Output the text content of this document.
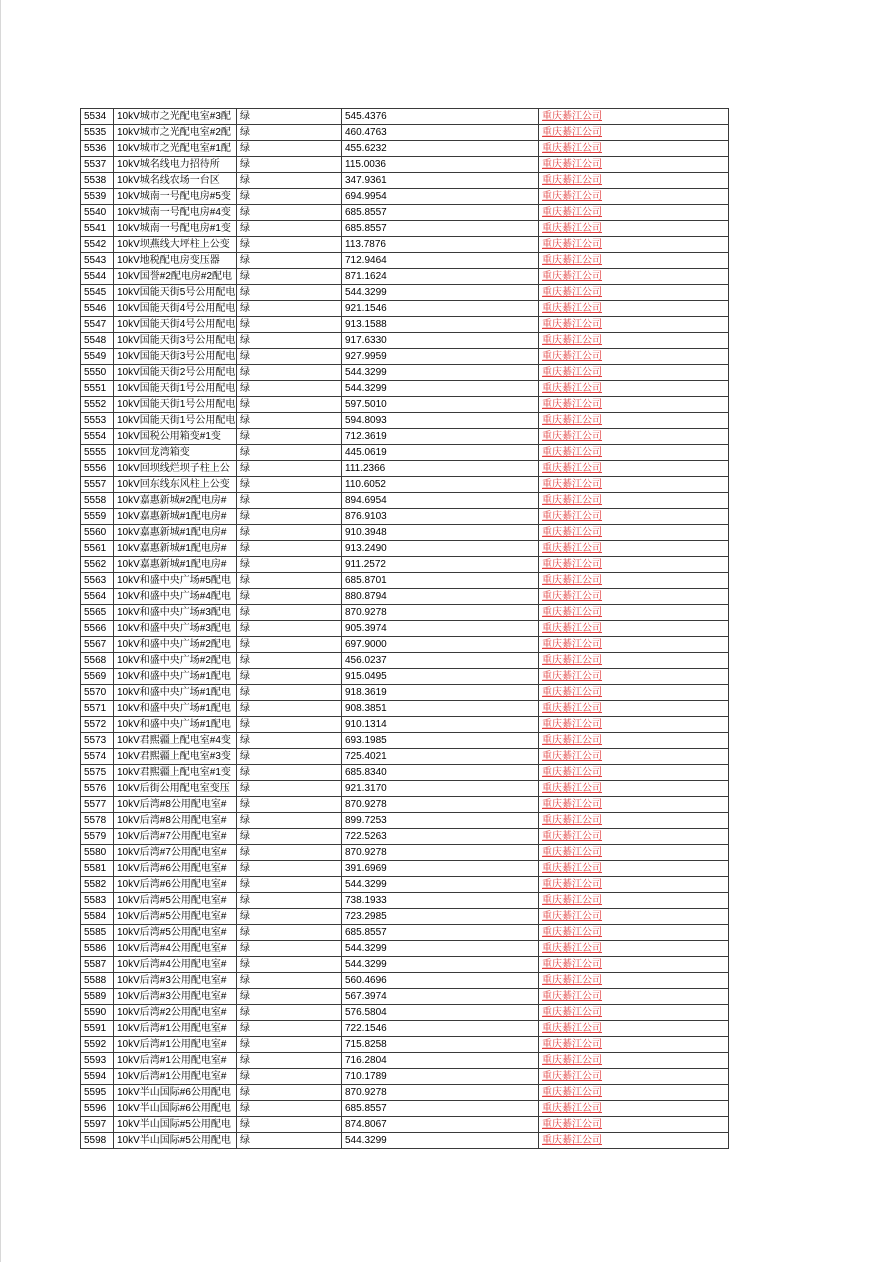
5534	10kV城市之光配电室#3配	绿	545.4376	重庆綦江公司
5535	10kV城市之光配电室#2配	绿	460.4763	重庆綦江公司
5536	10kV城市之光配电室#1配	绿	455.6232	重庆綦江公司
5537	10kV城名线电力招待所	绿	115.0036	重庆綦江公司
5538	10kV城名线农场一台区	绿	347.9361	重庆綦江公司
5539	10kV城南一号配电房#5变	绿	694.9954	重庆綦江公司
5540	10kV城南一号配电房#4变	绿	685.8557	重庆綦江公司
5541	10kV城南一号配电房#1变	绿	685.8557	重庆綦江公司
5542	10kV坝燕线大坪柱上公变	绿	113.7876	重庆綦江公司
5543	10kV地税配电房变压器	绿	712.9464	重庆綦江公司
5544	10kV国誉#2配电房#2配电	绿	871.1624	重庆綦江公司
5545	10kV国能天街5号公用配电	绿	544.3299	重庆綦江公司
5546	10kV国能天街4号公用配电	绿	921.1546	重庆綦江公司
5547	10kV国能天街4号公用配电	绿	913.1588	重庆綦江公司
5548	10kV国能天街3号公用配电	绿	917.6330	重庆綦江公司
5549	10kV国能天街3号公用配电	绿	927.9959	重庆綦江公司
5550	10kV国能天街2号公用配电	绿	544.3299	重庆綦江公司
5551	10kV国能天街1号公用配电	绿	544.3299	重庆綦江公司
5552	10kV国能天街1号公用配电	绿	597.5010	重庆綦江公司
5553	10kV国能天街1号公用配电	绿	594.8093	重庆綦江公司
5554	10kV国税公用箱变#1变	绿	712.3619	重庆綦江公司
5555	10kV回龙湾箱变	绿	445.0619	重庆綦江公司
5556	10kV回坝线烂坝子柱上公	绿	111.2366	重庆綦江公司
5557	10kV回东线东风柱上公变	绿	110.6052	重庆綦江公司
5558	10kV嘉惠新城#2配电房#	绿	894.6954	重庆綦江公司
5559	10kV嘉惠新城#1配电房#	绿	876.9103	重庆綦江公司
5560	10kV嘉惠新城#1配电房#	绿	910.3948	重庆綦江公司
5561	10kV嘉惠新城#1配电房#	绿	913.2490	重庆綦江公司
5562	10kV嘉惠新城#1配电房#	绿	911.2572	重庆綦江公司
5563	10kV和盛中央广场#5配电	绿	685.8701	重庆綦江公司
5564	10kV和盛中央广场#4配电	绿	880.8794	重庆綦江公司
5565	10kV和盛中央广场#3配电	绿	870.9278	重庆綦江公司
5566	10kV和盛中央广场#3配电	绿	905.3974	重庆綦江公司
5567	10kV和盛中央广场#2配电	绿	697.9000	重庆綦江公司
5568	10kV和盛中央广场#2配电	绿	456.0237	重庆綦江公司
5569	10kV和盛中央广场#1配电	绿	915.0495	重庆綦江公司
5570	10kV和盛中央广场#1配电	绿	918.3619	重庆綦江公司
5571	10kV和盛中央广场#1配电	绿	908.3851	重庆綦江公司
5572	10kV和盛中央广场#1配电	绿	910.1314	重庆綦江公司
5573	10kV君熙疆上配电室#4变	绿	693.1985	重庆綦江公司
5574	10kV君熙疆上配电室#3变	绿	725.4021	重庆綦江公司
5575	10kV君熙疆上配电室#1变	绿	685.8340	重庆綦江公司
5576	10kV后街公用配电室变压	绿	921.3170	重庆綦江公司
5577	10kV后湾#8公用配电室#	绿	870.9278	重庆綦江公司
5578	10kV后湾#8公用配电室#	绿	899.7253	重庆綦江公司
5579	10kV后湾#7公用配电室#	绿	722.5263	重庆綦江公司
5580	10kV后湾#7公用配电室#	绿	870.9278	重庆綦江公司
5581	10kV后湾#6公用配电室#	绿	391.6969	重庆綦江公司
5582	10kV后湾#6公用配电室#	绿	544.3299	重庆綦江公司
5583	10kV后湾#5公用配电室#	绿	738.1933	重庆綦江公司
5584	10kV后湾#5公用配电室#	绿	723.2985	重庆綦江公司
5585	10kV后湾#5公用配电室#	绿	685.8557	重庆綦江公司
5586	10kV后湾#4公用配电室#	绿	544.3299	重庆綦江公司
5587	10kV后湾#4公用配电室#	绿	544.3299	重庆綦江公司
5588	10kV后湾#3公用配电室#	绿	560.4696	重庆綦江公司
5589	10kV后湾#3公用配电室#	绿	567.3974	重庆綦江公司
5590	10kV后湾#2公用配电室#	绿	576.5804	重庆綦江公司
5591	10kV后湾#1公用配电室#	绿	722.1546	重庆綦江公司
5592	10kV后湾#1公用配电室#	绿	715.8258	重庆綦江公司
5593	10kV后湾#1公用配电室#	绿	716.2804	重庆綦江公司
5594	10kV后湾#1公用配电室#	绿	710.1789	重庆綦江公司
5595	10kV半山国际#6公用配电	绿	870.9278	重庆綦江公司
5596	10kV半山国际#6公用配电	绿	685.8557	重庆綦江公司
5597	10kV半山国际#5公用配电	绿	874.8067	重庆綦江公司
5598	10kV半山国际#5公用配电	绿	544.3299	重庆綦江公司
